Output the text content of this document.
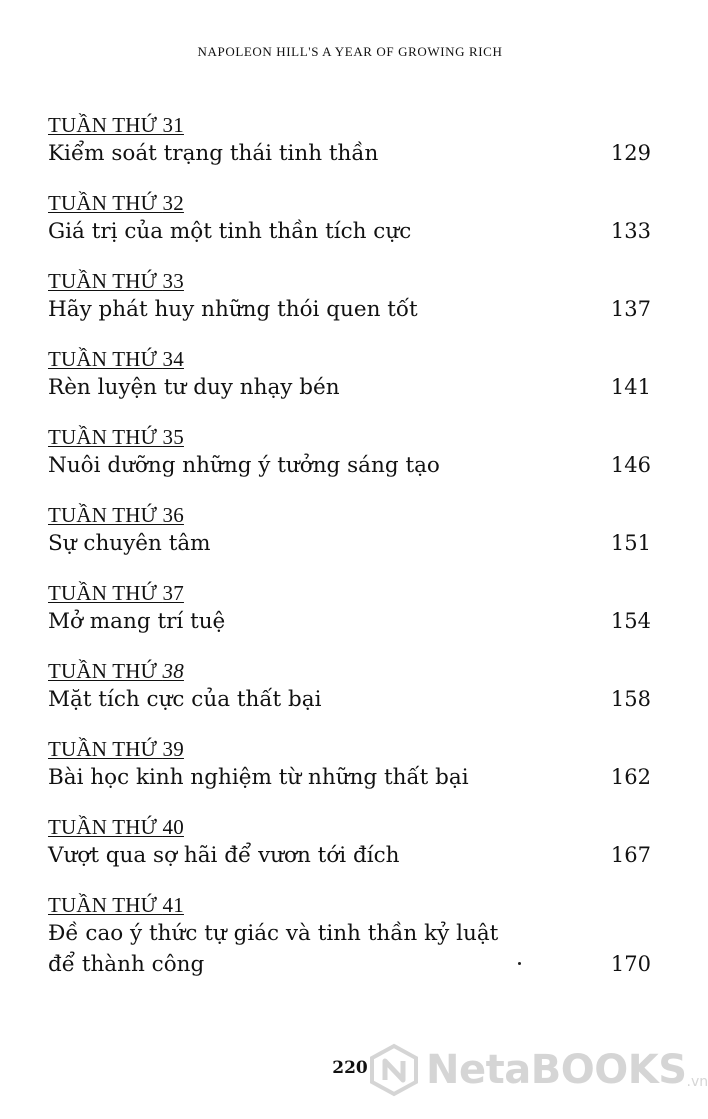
NAPOLEON HILL'S A YEAR OF GROWING RICH
TUẦN THỨ 31
Kiểm soát trạng thái tinh thần	129
TUẦN THỨ 32
Giá trị của một tinh thần tích cực	133
TUẦN THỨ 33
Hãy phát huy những thói quen tốt	137
TUẦN THỨ 34
Rèn luyện tư duy nhạy bén	141
TUẦN THỨ 35
Nuôi dưỡng những ý tưởng sáng tạo	146
TUẦN THỨ 36
Sự chuyên tâm	151
TUẦN THỨ 37
Mở mang trí tuệ	154
TUẦN THỨ 38
Mặt tích cực của thất bại	158
TUẦN THỨ 39
Bài học kinh nghiệm từ những thất bại	162
TUẦN THỨ 40
Vượt qua sợ hãi để vươn tới đích	167
TUẦN THỨ 41
Đề cao ý thức tự giác và tinh thần kỷ luật
để thành công	170
220	NetaBOOKS .vn
